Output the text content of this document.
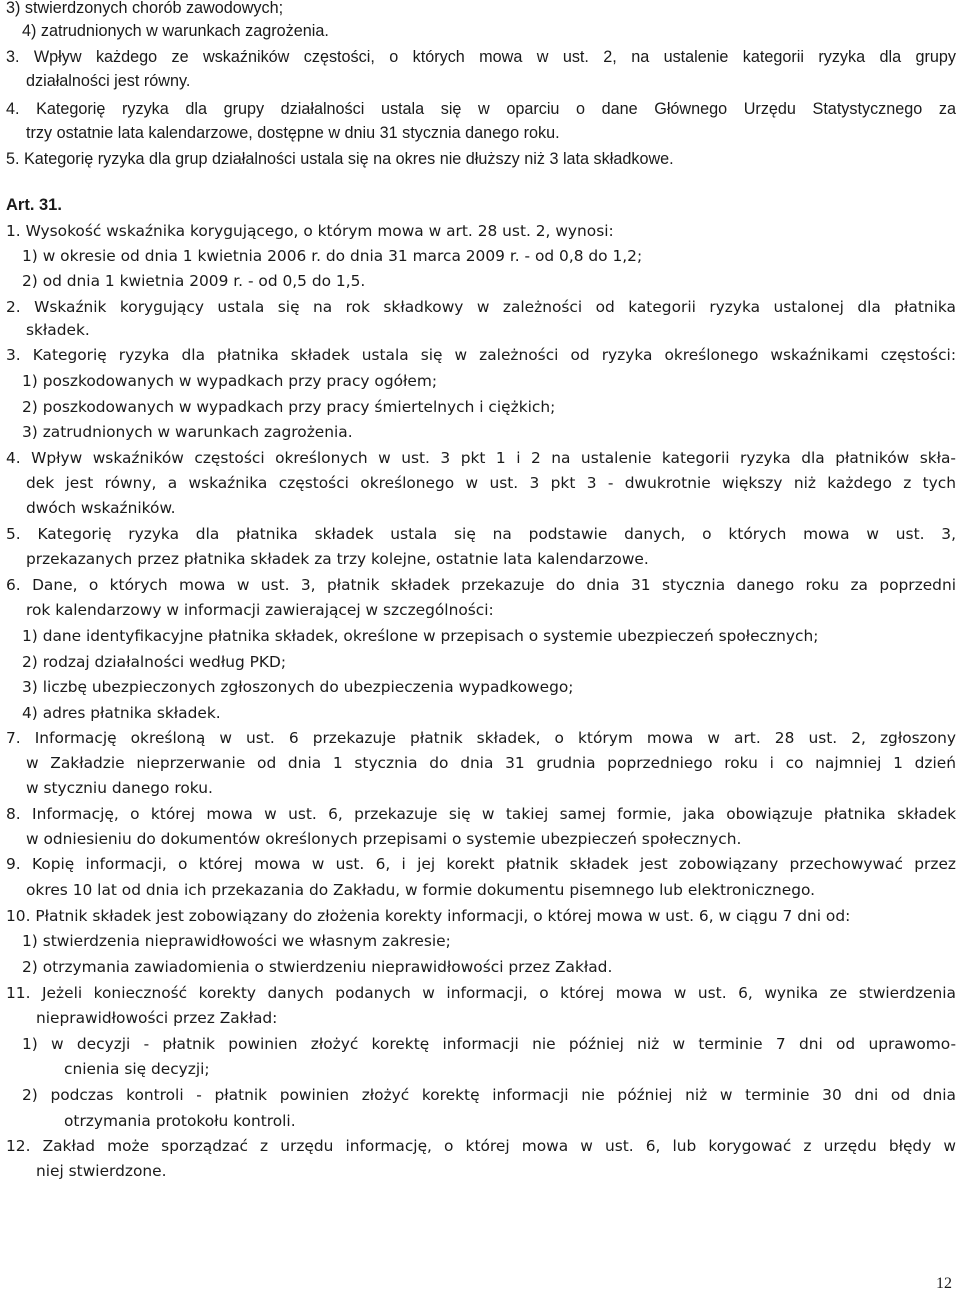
3) stwierdzonych chorób zawodowych;
4) zatrudnionych w warunkach zagrożenia.
3. Wpływ każdego ze wskaźników częstości, o których mowa w ust. 2, na ustalenie kategorii ryzyka dla grupy
działalności jest równy.
4. Kategorię ryzyka dla grupy działalności ustala się w oparciu o dane Głównego Urzędu Statystycznego za
trzy ostatnie lata kalendarzowe, dostępne w dniu 31 stycznia danego roku.
5. Kategorię ryzyka dla grup działalności ustala się na okres nie dłuższy niż 3 lata składkowe.
Art. 31.
1. Wysokość wskaźnika korygującego, o którym mowa w art. 28 ust. 2, wynosi:
1) w okresie od dnia 1 kwietnia 2006 r. do dnia 31 marca 2009 r. - od 0,8 do 1,2;
2) od dnia 1 kwietnia 2009 r. - od 0,5 do 1,5.
2. Wskaźnik korygujący ustala się na rok składkowy w zależności od kategorii ryzyka ustalonej dla płatnika
składek.
3. Kategorię ryzyka dla płatnika składek ustala się w zależności od ryzyka określonego wskaźnikami częstości:
1) poszkodowanych w wypadkach przy pracy ogółem;
2) poszkodowanych w wypadkach przy pracy śmiertelnych i ciężkich;
3) zatrudnionych w warunkach zagrożenia.
4. Wpływ wskaźników częstości określonych w ust. 3 pkt 1 i 2 na ustalenie kategorii ryzyka dla płatników skła-
dek jest równy, a wskaźnika częstości określonego w ust. 3 pkt 3 - dwukrotnie większy niż każdego z tych
dwóch wskaźników.
5. Kategorię ryzyka dla płatnika składek ustala się na podstawie danych, o których mowa w ust. 3,
przekazanych przez płatnika składek za trzy kolejne, ostatnie lata kalendarzowe.
6. Dane, o których mowa w ust. 3, płatnik składek przekazuje do dnia 31 stycznia danego roku za poprzedni
rok kalendarzowy w informacji zawierającej w szczególności:
1) dane identyfikacyjne płatnika składek, określone w przepisach o systemie ubezpieczeń społecznych;
2) rodzaj działalności według PKD;
3) liczbę ubezpieczonych zgłoszonych do ubezpieczenia wypadkowego;
4) adres płatnika składek.
7. Informację określoną w ust. 6 przekazuje płatnik składek, o którym mowa w art. 28 ust. 2, zgłoszony
w Zakładzie nieprzerwanie od dnia 1 stycznia do dnia 31 grudnia poprzedniego roku i co najmniej 1 dzień
w styczniu danego roku.
8. Informację, o której mowa w ust. 6, przekazuje się w takiej samej formie, jaka obowiązuje płatnika składek
w odniesieniu do dokumentów określonych przepisami o systemie ubezpieczeń społecznych.
9. Kopię informacji, o której mowa w ust. 6, i jej korekt płatnik składek jest zobowiązany przechowywać przez
okres 10 lat od dnia ich przekazania do Zakładu, w formie dokumentu pisemnego lub elektronicznego.
10. Płatnik składek jest zobowiązany do złożenia korekty informacji, o której mowa w ust. 6, w ciągu 7 dni od:
1) stwierdzenia nieprawidłowości we własnym zakresie;
2) otrzymania zawiadomienia o stwierdzeniu nieprawidłowości przez Zakład.
11. Jeżeli konieczność korekty danych podanych w informacji, o której mowa w ust. 6, wynika ze stwierdzenia
nieprawidłowości przez Zakład:
1) w decyzji - płatnik powinien złożyć korektę informacji nie później niż w terminie 7 dni od uprawomo-
cnienia się decyzji;
2) podczas kontroli - płatnik powinien złożyć korektę informacji nie później niż w terminie 30 dni od dnia
otrzymania protokołu kontroli.
12. Zakład może sporządzać z urzędu informację, o której mowa w ust. 6, lub korygować z urzędu błędy w
niej stwierdzone.
12
